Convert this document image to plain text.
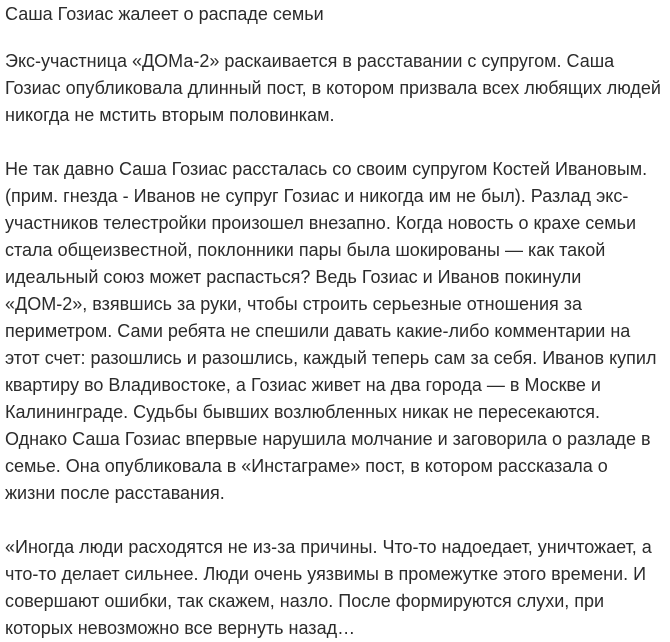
Саша Гозиас жалеет о распаде семьи

Экс-участница «ДОМа-2» раскаивается в расставании с супругом. Саша Гозиас опубликовала длинный пост, в котором призвала всех любящих людей никогда не мстить вторым половинкам.

Не так давно Саша Гозиас рассталась со своим супругом Костей Ивановым. (прим. гнезда - Иванов не супруг Гозиас и никогда им не был). Разлад экс-участников телестройки произошел внезапно. Когда новость о крахе семьи стала общеизвестной, поклонники пары была шокированы — как такой идеальный союз может распасться? Ведь Гозиас и Иванов покинули «ДОМ-2», взявшись за руки, чтобы строить серьезные отношения за периметром. Сами ребята не спешили давать какие-либо комментарии на этот счет: разошлись и разошлись, каждый теперь сам за себя. Иванов купил квартиру во Владивостоке, а Гозиас живет на два города — в Москве и Калининграде. Судьбы бывших возлюбленных никак не пересекаются. Однако Саша Гозиас впервые нарушила молчание и заговорила о разладе в семье. Она опубликовала в «Инстаграме» пост, в котором рассказала о жизни после расставания.

«Иногда люди расходятся не из-за причины. Что-то надоедает, уничтожает, а что-то делает сильнее. Люди очень уязвимы в промежутке этого времени. И совершают ошибки, так скажем, назло. После формируются слухи, при которых невозможно все вернуть назад…
